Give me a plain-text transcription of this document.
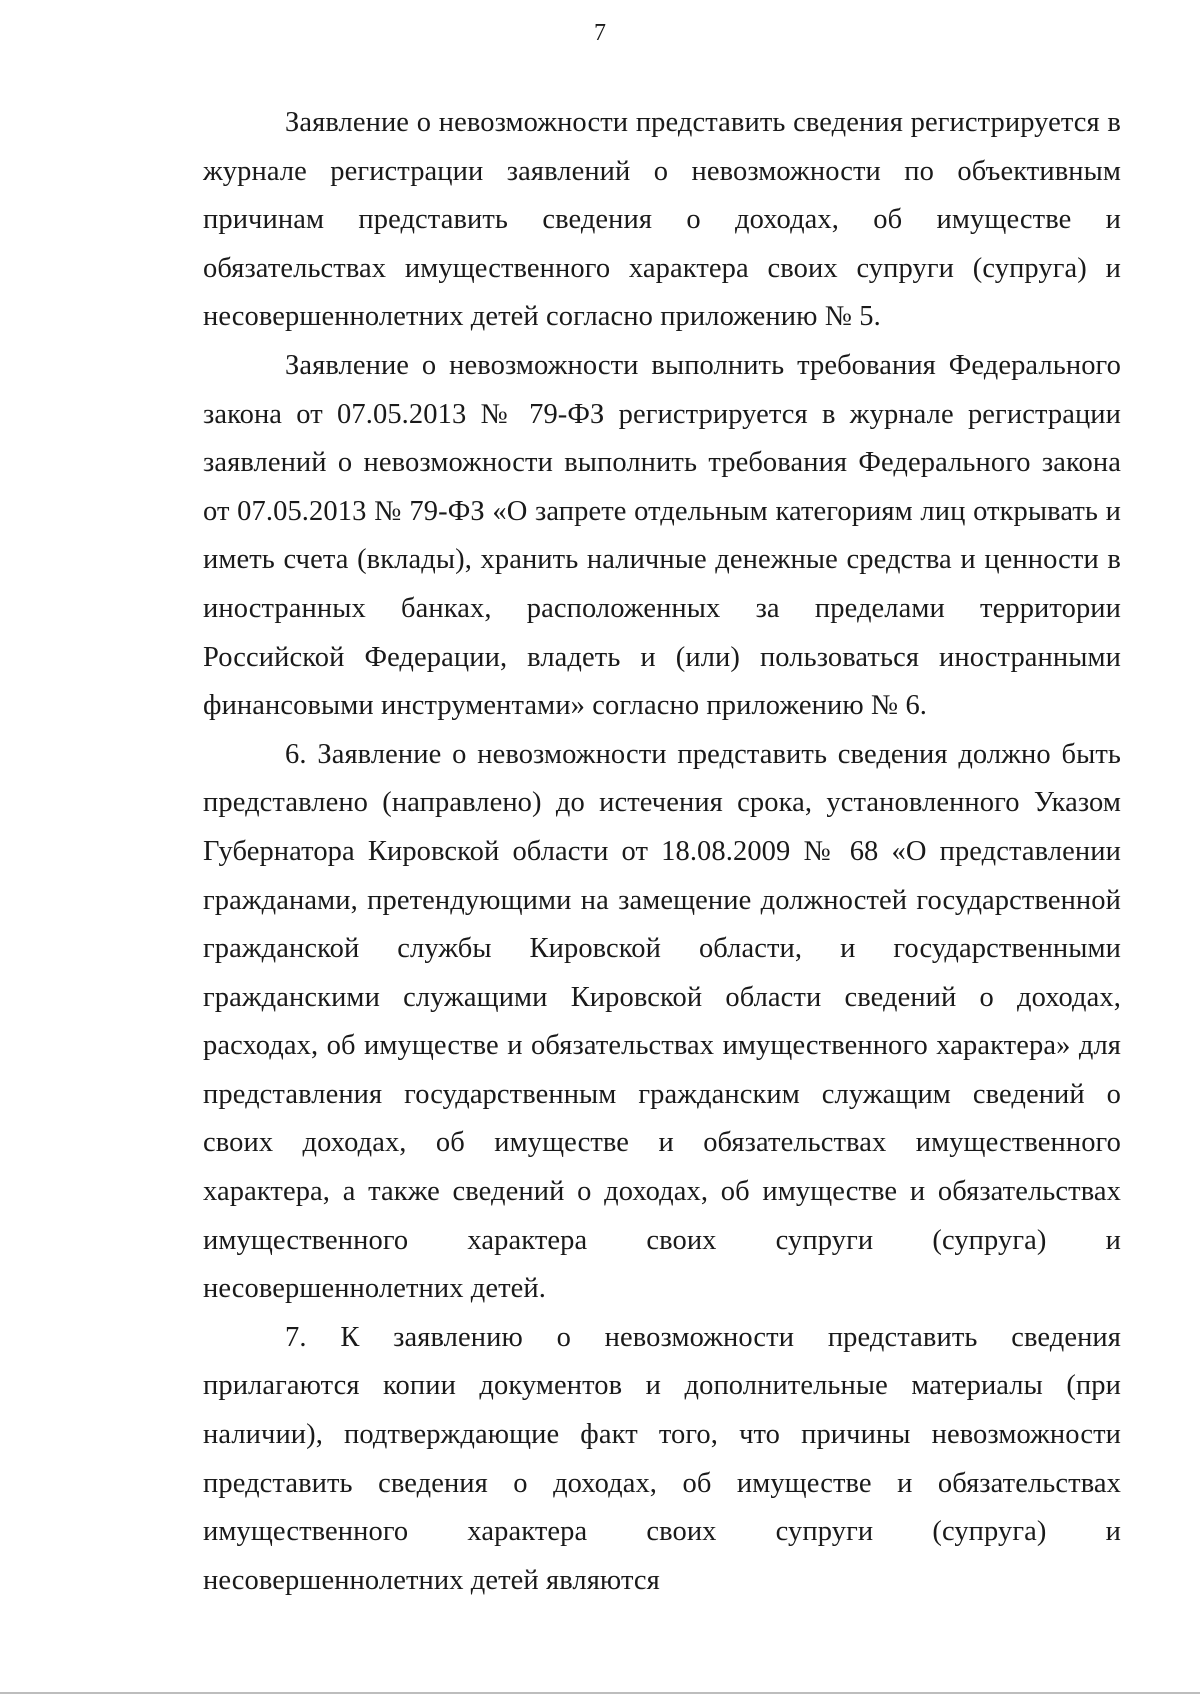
7

Заявление о невозможности представить сведения регистрируется в журнале регистрации заявлений о невозможности по объективным причинам представить сведения о доходах, об имуществе и обязательствах имущественного характера своих супруги (супруга) и несовершеннолетних детей согласно приложению № 5.

Заявление о невозможности выполнить требования Федерального закона от 07.05.2013 № 79-ФЗ регистрируется в журнале регистрации заявлений о невозможности выполнить требования Федерального закона от 07.05.2013 № 79-ФЗ «О запрете отдельным категориям лиц открывать и иметь счета (вклады), хранить наличные денежные средства и ценности в иностранных банках, расположенных за пределами территории Российской Федерации, владеть и (или) пользоваться иностранными финансовыми инструментами» согласно приложению № 6.

6. Заявление о невозможности представить сведения должно быть представлено (направлено) до истечения срока, установленного Указом Губернатора Кировской области от 18.08.2009 № 68 «О представлении гражданами, претендующими на замещение должностей государственной гражданской службы Кировской области, и государственными гражданскими служащими Кировской области сведений о доходах, расходах, об имуществе и обязательствах имущественного характера» для представления государственным гражданским служащим сведений о своих доходах, об имуществе и обязательствах имущественного характера, а также сведений о доходах, об имуществе и обязательствах имущественного характера своих супруги (супруга) и несовершеннолетних детей.

7. К заявлению о невозможности представить сведения прилагаются копии документов и дополнительные материалы (при наличии), подтверждающие факт того, что причины невозможности представить сведения о доходах, об имуществе и обязательствах имущественного характера своих супруги (супруга) и несовершеннолетних детей являются
